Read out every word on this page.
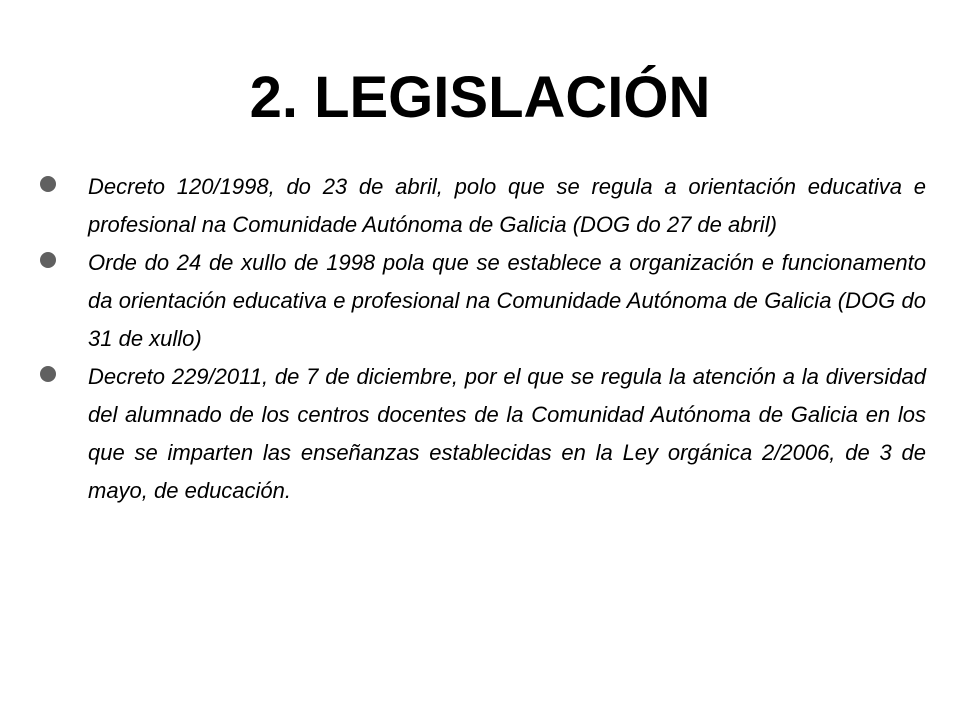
2. LEGISLACIÓN
Decreto 120/1998, do 23 de abril, polo que se regula a orientación educativa e profesional na Comunidade Autónoma de Galicia (DOG do 27 de abril)
Orde do 24 de xullo de 1998 pola que se establece a organización e funcionamento da orientación educativa e profesional na Comunidade Autónoma de Galicia (DOG do 31 de xullo)
Decreto 229/2011, de 7 de diciembre, por el que se regula la atención a la diversidad del alumnado de los centros docentes de la Comunidad Autónoma de Galicia en los que se imparten las enseñanzas establecidas en la Ley orgánica 2/2006, de 3 de mayo, de educación.
